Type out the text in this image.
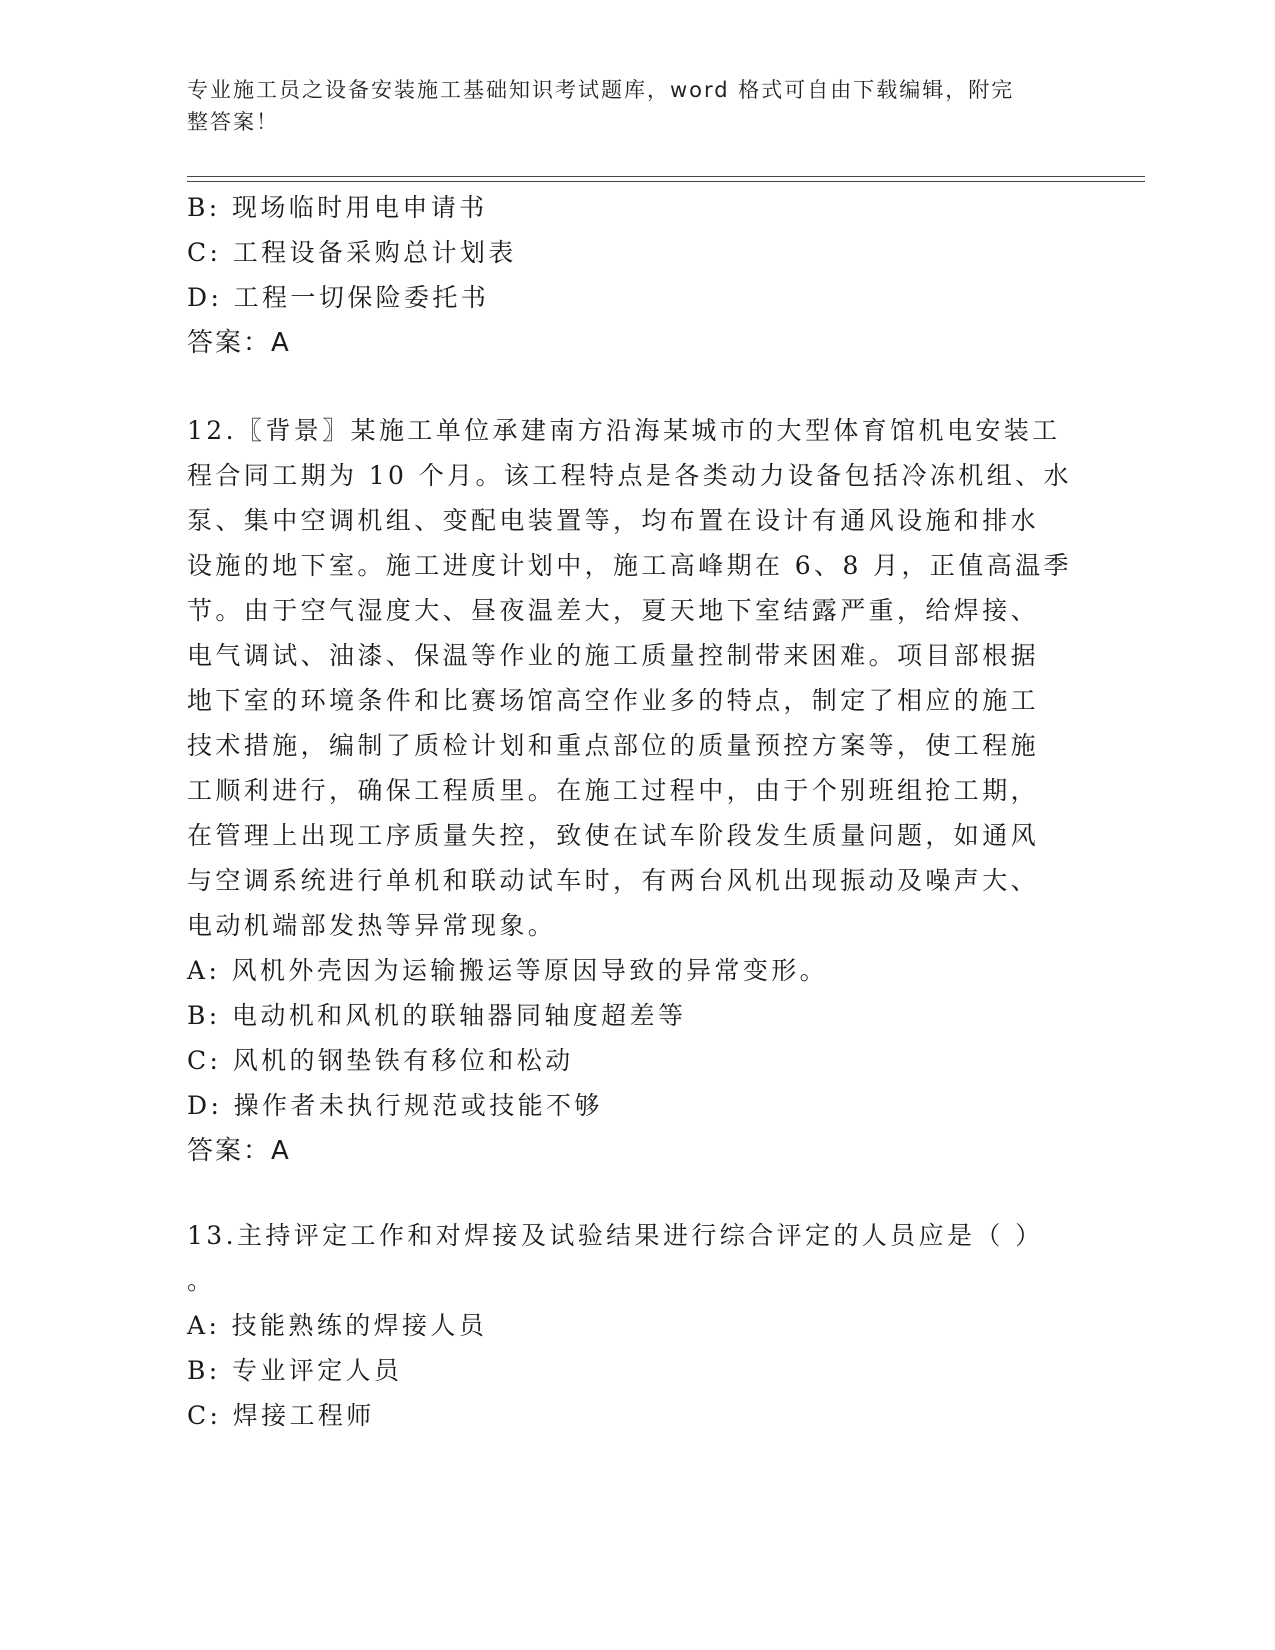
专业施工员之设备安装施工基础知识考试题库，word 格式可自由下载编辑，附完
整答案！
B: 现场临时用电申请书
C: 工程设备采购总计划表
D: 工程一切保险委托书
答案：A
12.〖背景〗某施工单位承建南方沿海某城市的大型体育馆机电安装工
程合同工期为 10 个月。该工程特点是各类动力设备包括冷冻机组、水
泵、集中空调机组、变配电装置等，均布置在设计有通风设施和排水
设施的地下室。施工进度计划中，施工高峰期在 6、8 月，正值高温季
节。由于空气湿度大、昼夜温差大，夏天地下室结露严重，给焊接、
电气调试、油漆、保温等作业的施工质量控制带来困难。项目部根据
地下室的环境条件和比赛场馆高空作业多的特点，制定了相应的施工
技术措施，编制了质检计划和重点部位的质量预控方案等，使工程施
工顺利进行，确保工程质里。在施工过程中，由于个别班组抢工期，
在管理上出现工序质量失控，致使在试车阶段发生质量问题，如通风
与空调系统进行单机和联动试车时，有两台风机出现振动及噪声大、
电动机端部发热等异常现象。
A: 风机外壳因为运输搬运等原因导致的异常变形。
B: 电动机和风机的联轴器同轴度超差等
C: 风机的钢垫铁有移位和松动
D: 操作者未执行规范或技能不够
答案：A
13.主持评定工作和对焊接及试验结果进行综合评定的人员应是（ ）
。
A: 技能熟练的焊接人员
B: 专业评定人员
C: 焊接工程师
